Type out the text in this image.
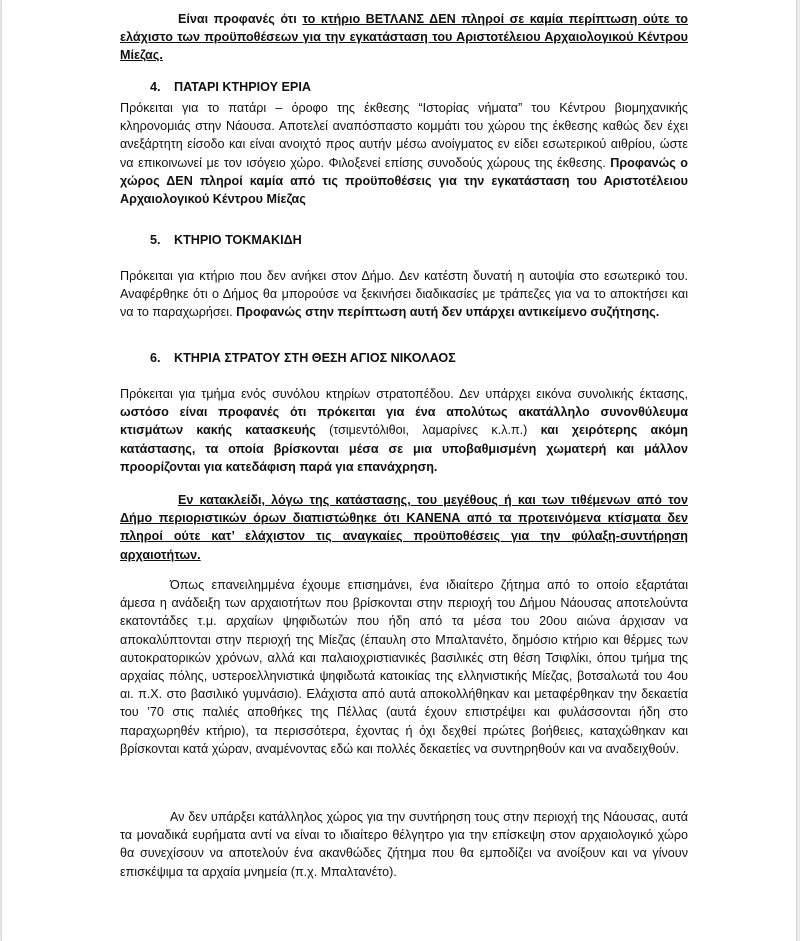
Είναι προφανές ότι το κτήριο ΒΕΤΛΑΝΣ ΔΕΝ πληροί σε καμία περίπτωση ούτε το ελάχιστο των προϋποθέσεων για την εγκατάσταση του Αριστοτέλειου Αρχαιολογικού Κέντρου Μίεζας.

4. ΠΑΤΑΡΙ ΚΤΗΡΙΟΥ ΕΡΙΑ

Πρόκειται για το πατάρι – όροφο της έκθεσης “Ιστορίας νήματα” του Κέντρου βιομηχανικής κληρονομιάς στην Νάουσα. Αποτελεί αναπόσπαστο κομμάτι του χώρου της έκθεσης καθώς δεν έχει ανεξάρτητη είσοδο και είναι ανοιχτό προς αυτήν μέσω ανοίγματος εν είδει εσωτερικού αιθρίου, ώστε να επικοινωνεί με τον ισόγειο χώρο. Φιλοξενεί επίσης συνοδούς χώρους της έκθεσης. Προφανώς ο χώρος ΔΕΝ πληροί καμία από τις προϋποθέσεις για την εγκατάσταση του Αριστοτέλειου Αρχαιολογικού Κέντρου Μίεζας

5. ΚΤΗΡΙΟ ΤΟΚΜΑΚΙΔΗ

Πρόκειται για κτήριο που δεν ανήκει στον Δήμο. Δεν κατέστη δυνατή η αυτοψία στο εσωτερικό του. Αναφέρθηκε ότι ο Δήμος θα μπορούσε να ξεκινήσει διαδικασίες με τράπεζες για να το αποκτήσει και να το παραχωρήσει. Προφανώς στην περίπτωση αυτή δεν υπάρχει αντικείμενο συζήτησης.

6. ΚΤΗΡΙΑ ΣΤΡΑΤΟΥ ΣΤΗ ΘΕΣΗ ΑΓΙΟΣ ΝΙΚΟΛΑΟΣ

Πρόκειται για τμήμα ενός συνόλου κτηρίων στρατοπέδου. Δεν υπάρχει εικόνα συνολικής έκτασης, ωστόσο είναι προφανές ότι πρόκειται για ένα απολύτως ακατάλληλο συνονθύλευμα κτισμάτων κακής κατασκευής (τσιμεντόλιθοι, λαμαρίνες κ.λ.π.) και χειρότερης ακόμη κατάστασης, τα οποία βρίσκονται μέσα σε μια υποβαθμισμένη χωματερή και μάλλον προορίζονται για κατεδάφιση παρά για επανάχρηση.

Εν κατακλείδι, λόγω της κατάστασης, του μεγέθους ή και των τιθέμενων από τον Δήμο περιοριστικών όρων διαπιστώθηκε ότι ΚΑΝΕΝΑ από τα προτεινόμενα κτίσματα δεν πληροί ούτε κατ’ ελάχιστον τις αναγκαίες προϋποθέσεις για την φύλαξη-συντήρηση αρχαιοτήτων.

Όπως επανειλημμένα έχουμε επισημάνει, ένα ιδιαίτερο ζήτημα από το οποίο εξαρτάται άμεσα η ανάδειξη των αρχαιοτήτων που βρίσκονται στην περιοχή του Δήμου Νάουσας αποτελούντα εκατοντάδες τ.μ. αρχαίων ψηφιδωτών που ήδη από τα μέσα του 20ου αιώνα άρχισαν να αποκαλύπτονται στην περιοχή της Μίεζας (έπαυλη στο Μπαλτανέτο, δημόσιο κτήριο και θέρμες των αυτοκρατορικών χρόνων, αλλά και παλαιοχριστιανικές βασιλικές στη θέση Τσιφλίκι, όπου τμήμα της αρχαίας πόλης, υστεροελληνιστικά ψηφιδωτά κατοικίας της ελληνιστικής Μίεζας, βοτσαλωτά του 4ου αι. π.Χ. στο βασιλικό γυμνάσιο). Ελάχιστα από αυτά αποκολλήθηκαν και μεταφέρθηκαν την δεκαετία του ’70 στις παλιές αποθήκες της Πέλλας (αυτά έχουν επιστρέψει και φυλάσσονται ήδη στο παραχωρηθέν κτήριο), τα περισσότερα, έχοντας ή όχι δεχθεί πρώτες βοήθειες, καταχώθηκαν και βρίσκονται κατά χώραν, αναμένοντας εδώ και πολλές δεκαετίες να συντηρηθούν και να αναδειχθούν.

Αν δεν υπάρξει κατάλληλος χώρος για την συντήρηση τους στην περιοχή της Νάουσας, αυτά τα μοναδικά ευρήματα αντί να είναι το ιδιαίτερο θέλγητρο για την επίσκεψη στον αρχαιολογικό χώρο θα συνεχίσουν να αποτελούν ένα ακανθώδες ζήτημα που θα εμποδίζει να ανοίξουν και να γίνουν επισκέψιμα τα αρχαία μνημεία (π.χ. Μπαλτανέτο).
